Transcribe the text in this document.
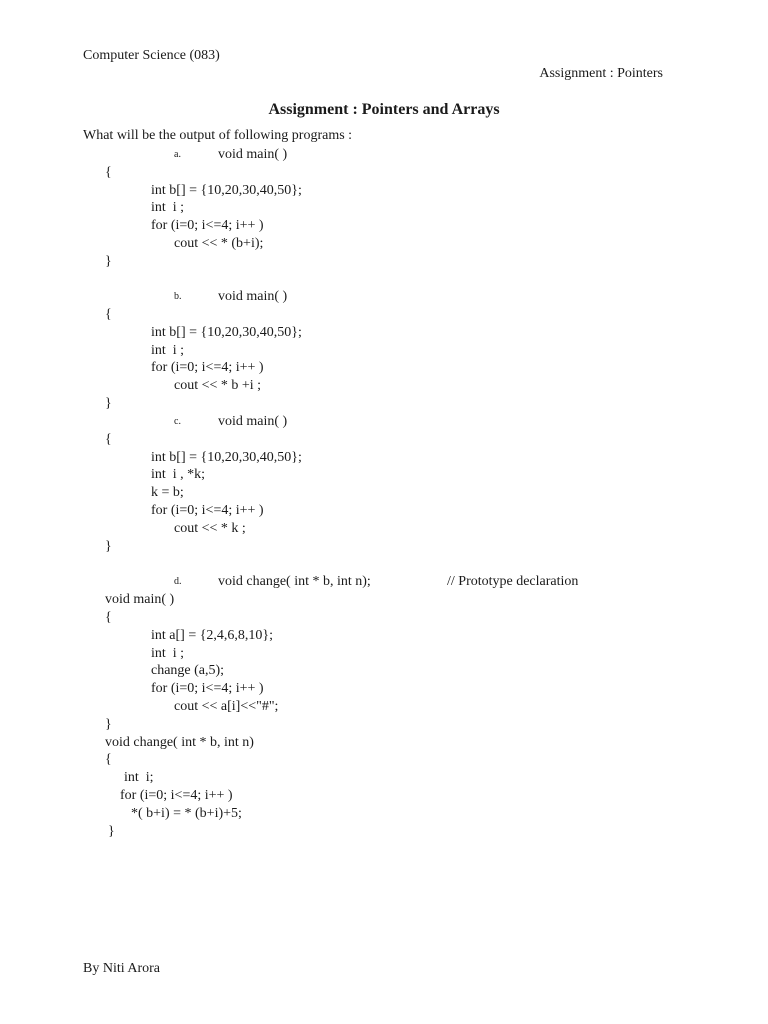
Computer Science (083)
Assignment : Pointers
Assignment : Pointers and Arrays
What will be the output of following programs :
a.	void main( )
{
int b[] = {10,20,30,40,50};
int  i ;
for (i=0; i<=4; i++ )
cout << * (b+i);
}
b.	void main( )
{
int b[] = {10,20,30,40,50};
int  i ;
for (i=0; i<=4; i++ )
cout << * b +i ;
}
c.	void main( )
{
int b[] = {10,20,30,40,50};
int  i , *k;
k = b;
for (i=0; i<=4; i++ )
cout << * k ;
}
d.	void change( int * b, int n);	// Prototype declaration
void main( )
{
int a[] = {2,4,6,8,10};
int  i ;
change (a,5);
for (i=0; i<=4; i++ )
cout << a[i]<<"#";
}
void change( int * b, int n)
{
int  i;
for (i=0; i<=4; i++ )
*( b+i) = * (b+i)+5;
}
By Niti Arora
